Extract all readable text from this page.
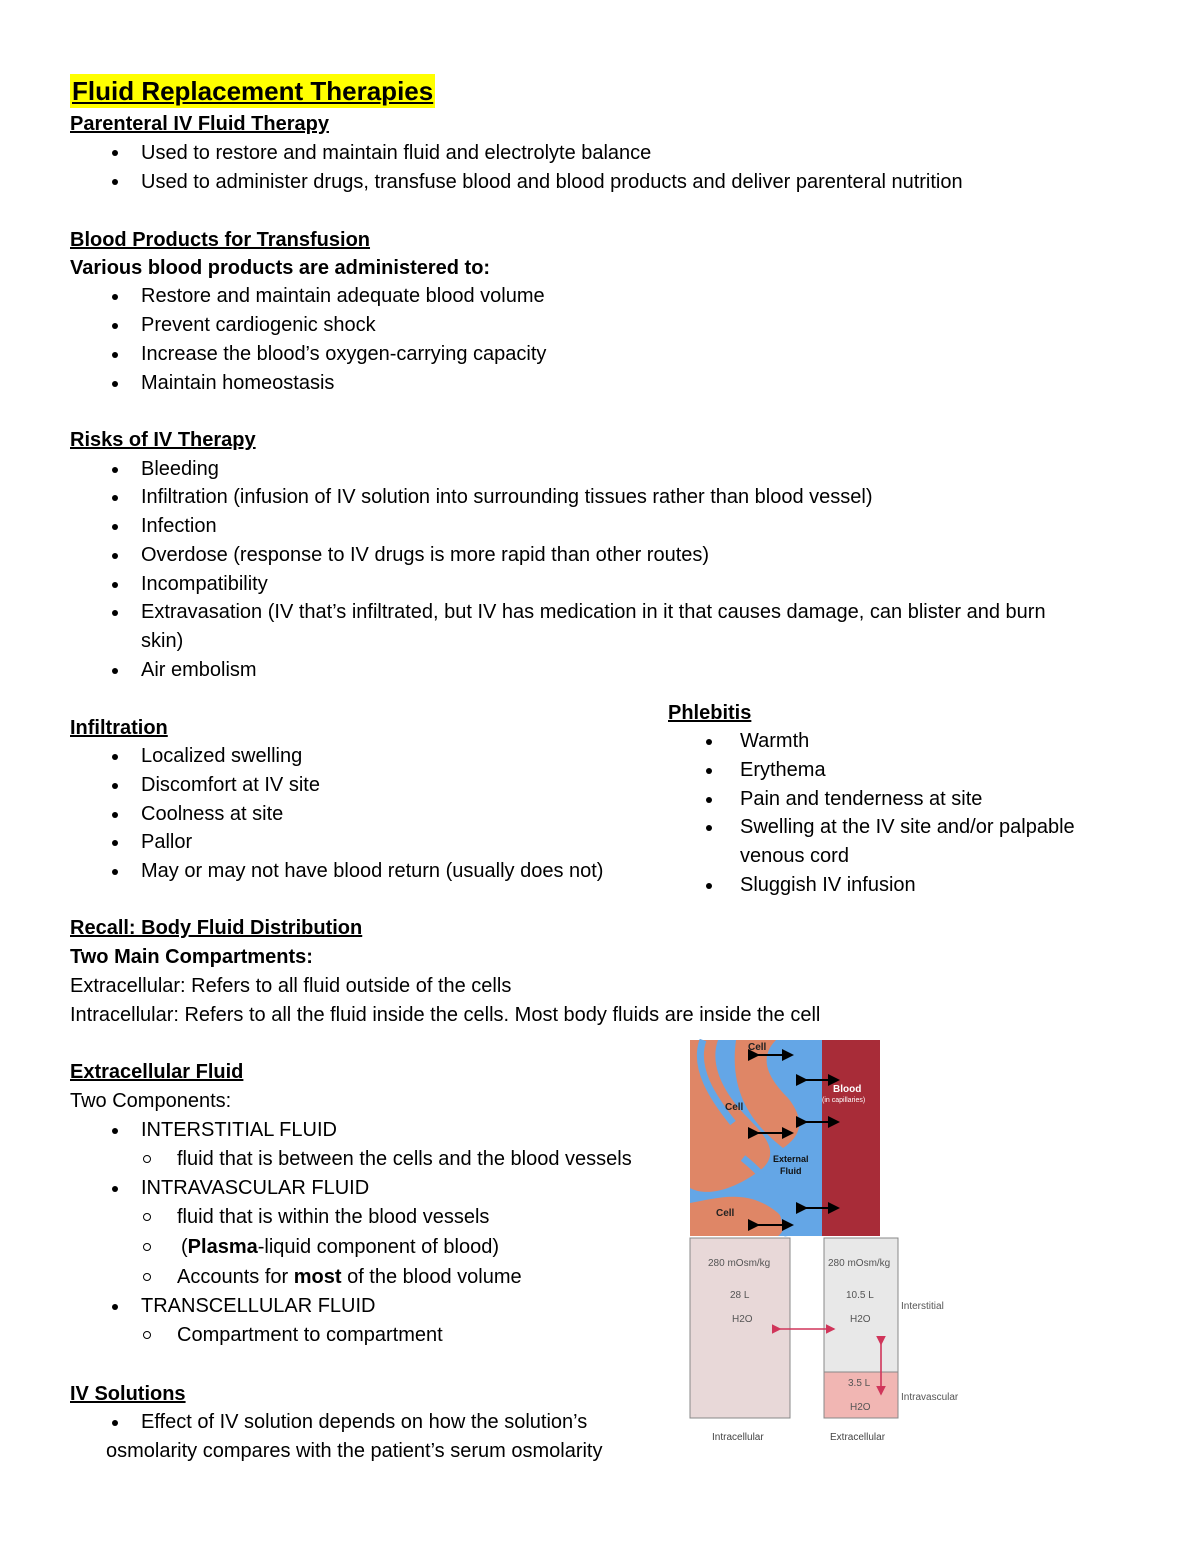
Fluid Replacement Therapies
Parenteral IV Fluid Therapy
Used to restore and maintain fluid and electrolyte balance
Used to administer drugs, transfuse blood and blood products and deliver parenteral nutrition
Blood Products for Transfusion
Various blood products are administered to:
Restore and maintain adequate blood volume
Prevent cardiogenic shock
Increase the blood’s oxygen-carrying capacity
Maintain homeostasis
Risks of IV Therapy
Bleeding
Infiltration (infusion of IV solution into surrounding tissues rather than blood vessel)
Infection
Overdose (response to IV drugs is more rapid than other routes)
Incompatibility
Extravasation (IV that’s infiltrated, but IV has medication in it that causes damage, can blister and burn
skin)
Air embolism
Infiltration
Localized swelling
Discomfort at IV site
Coolness at site
Pallor
May or may not have blood return (usually does not)
Phlebitis
Warmth
Erythema
Pain and tenderness at site
Swelling at the IV site and/or palpable
venous cord
Sluggish IV infusion
Recall: Body Fluid Distribution
Two Main Compartments:
Extracellular: Refers to all fluid outside of the cells
Intracellular: Refers to all the fluid inside the cells. Most body fluids are inside the cell
Extracellular Fluid
Two Components:
INTERSTITIAL FLUID
fluid that is between the cells and the blood vessels
INTRAVASCULAR FLUID
fluid that is within the blood vessels
(Plasma-liquid component of blood)
Accounts for most of the blood volume
TRANSCELLULAR FLUID
Compartment to compartment
IV Solutions
Effect of IV solution depends on how the solution’s
osmolarity compares with the patient’s serum osmolarity
Cell
Cell
Cell
Blood
(in capillaries)
External
Fluid
280 mOsm/kg
28 L
H2O
280 mOsm/kg
10.5 L
H2O
3.5 L
H2O
Interstitial
Intravascular
Intracellular	Extracellular
